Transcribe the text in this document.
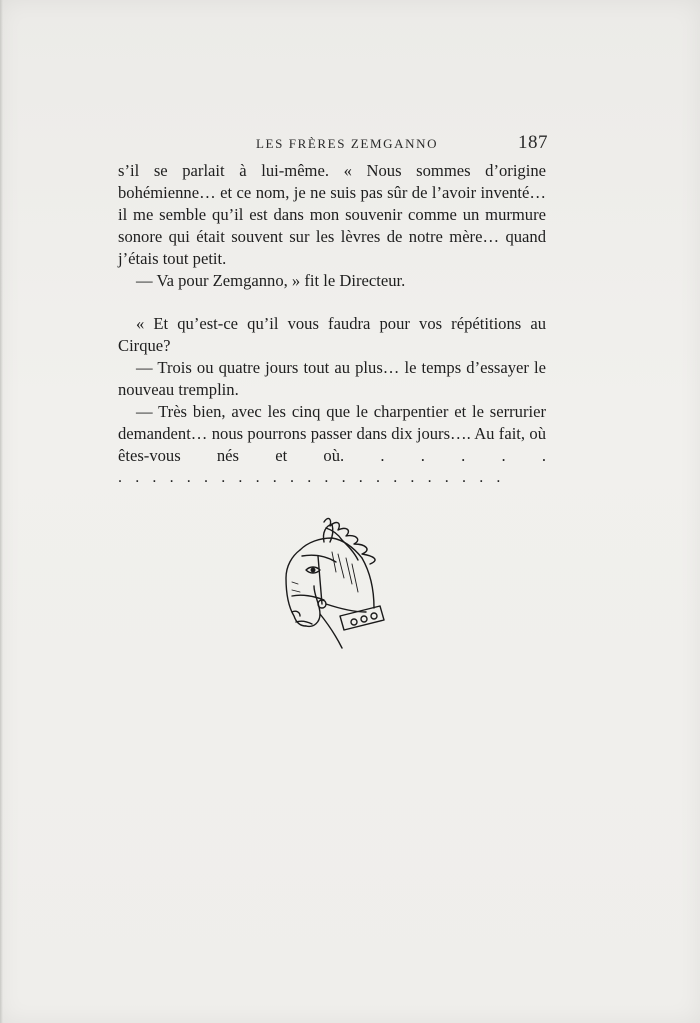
LES FRÈRES ZEMGANNO	187

s’il se parlait à lui-même. « Nous sommes d’origine bohémienne… et ce nom, je ne suis pas sûr de l’avoir inventé… il me semble qu’il est dans mon souvenir comme un murmure sonore qui était souvent sur les lèvres de notre mère… quand j’étais tout petit.

— Va pour Zemganno, » fit le Directeur.

« Et qu’est-ce qu’il vous faudra pour vos répétitions au Cirque?

— Trois ou quatre jours tout au plus… le temps d’essayer le nouveau tremplin.

— Très bien, avec les cinq que le charpentier et le serrurier demandent… nous pourrons passer dans dix jours…. Au fait, où êtes-vous nés et où. . . . . .

. . . . . . . . . . . . . . . . . . . . . . .
